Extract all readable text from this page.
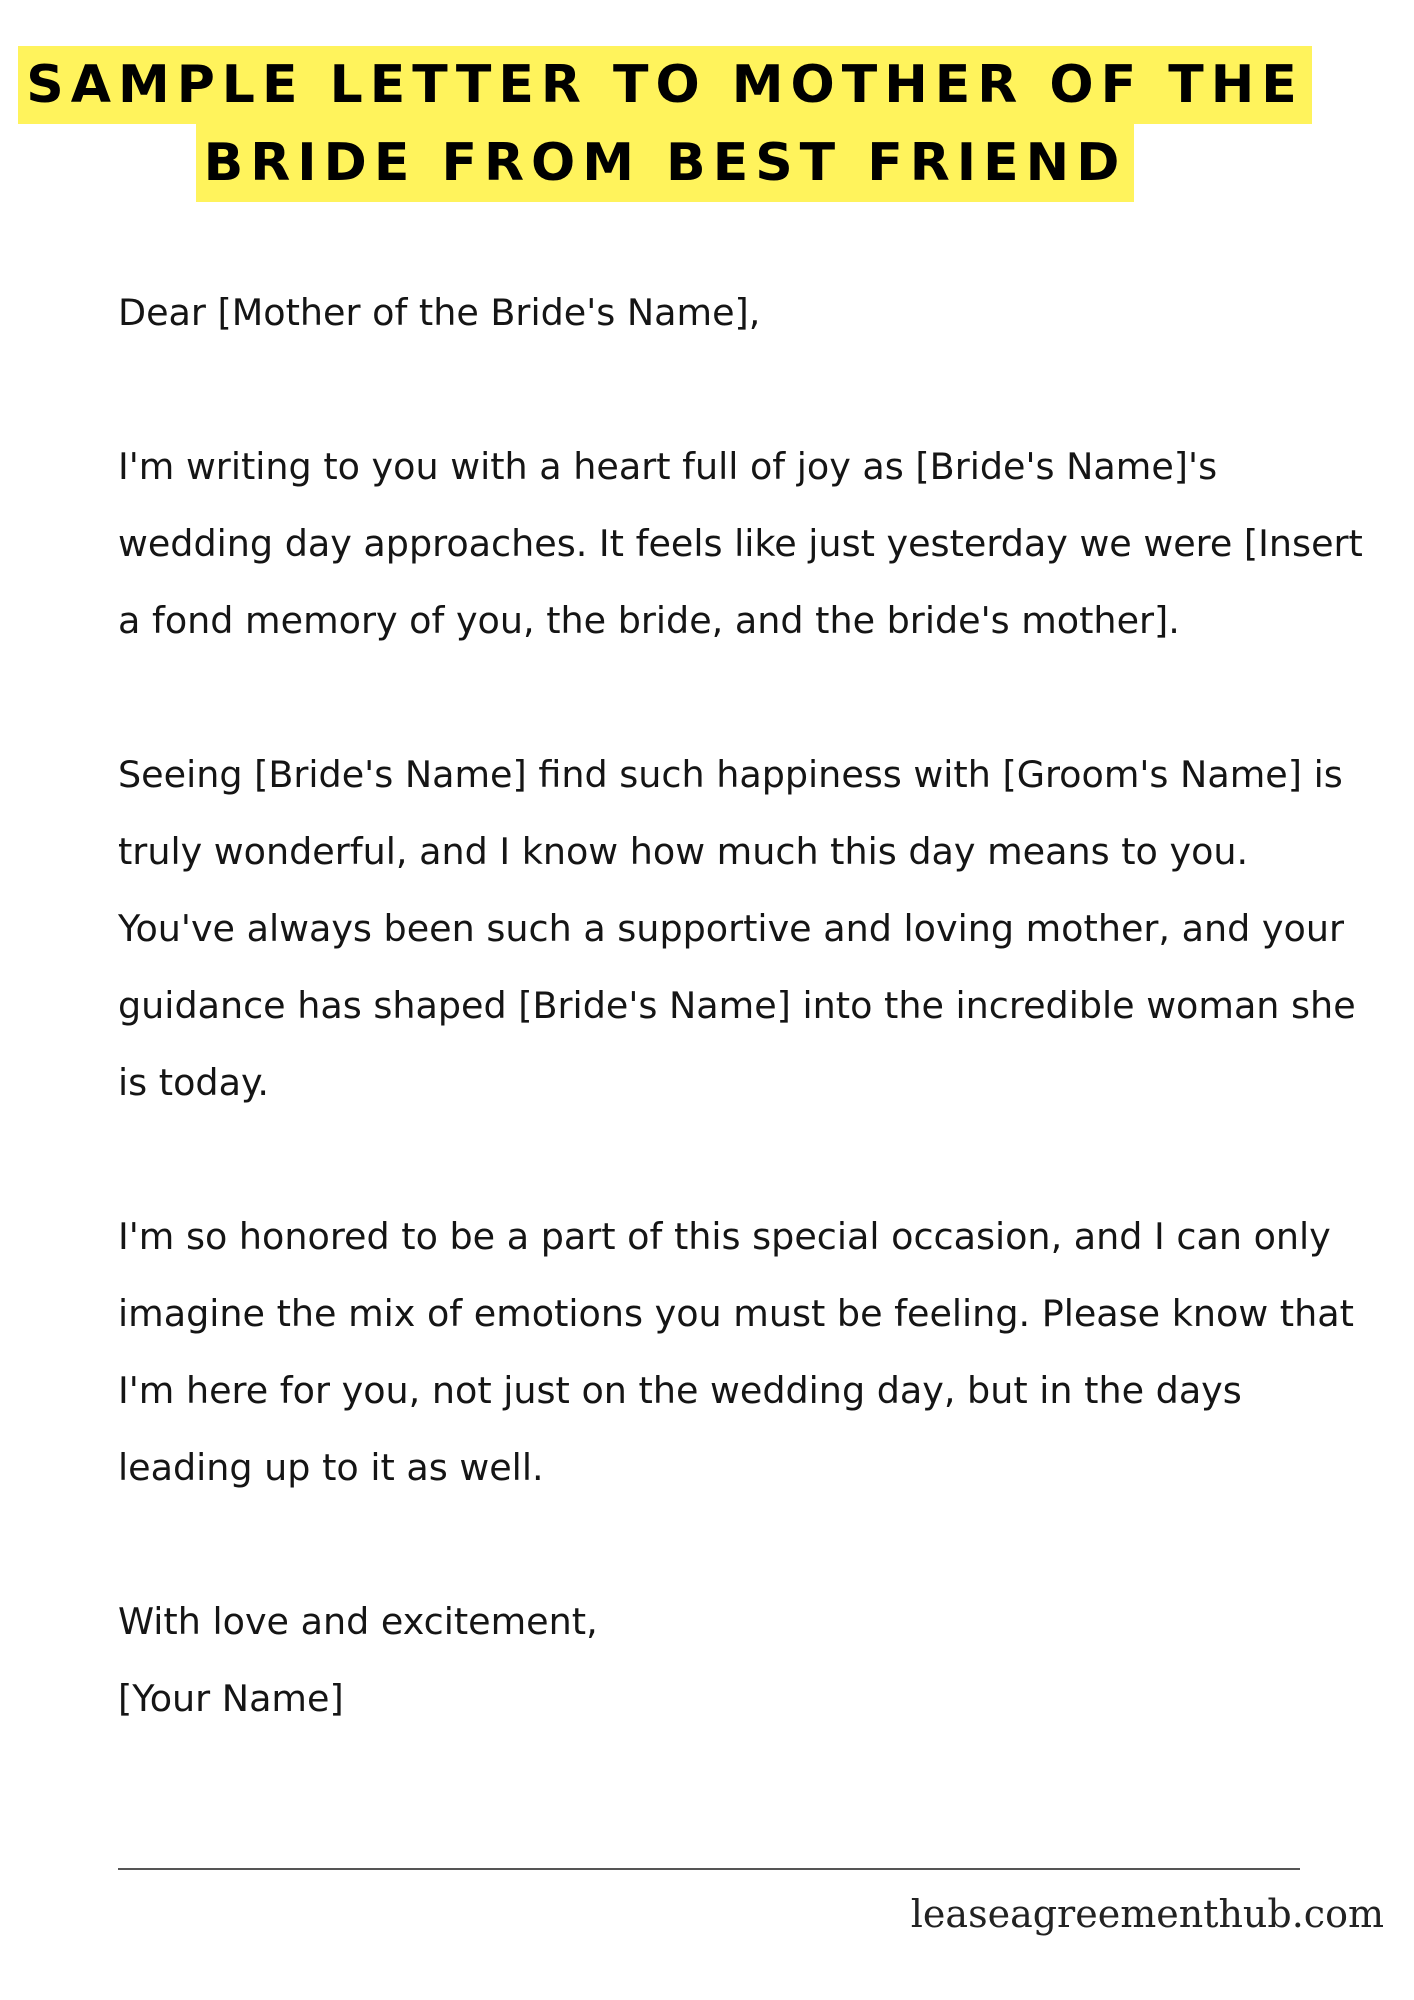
SAMPLE LETTER TO MOTHER OF THE
BRIDE FROM BEST FRIEND

Dear [Mother of the Bride's Name],

I'm writing to you with a heart full of joy as [Bride's Name]'s wedding day approaches. It feels like just yesterday we were [Insert a fond memory of you, the bride, and the bride's mother].

Seeing [Bride's Name] find such happiness with [Groom's Name] is truly wonderful, and I know how much this day means to you. You've always been such a supportive and loving mother, and your guidance has shaped [Bride's Name] into the incredible woman she is today.

I'm so honored to be a part of this special occasion, and I can only imagine the mix of emotions you must be feeling. Please know that I'm here for you, not just on the wedding day, but in the days leading up to it as well.

With love and excitement,

[Your Name]

leaseagreementhub.com
